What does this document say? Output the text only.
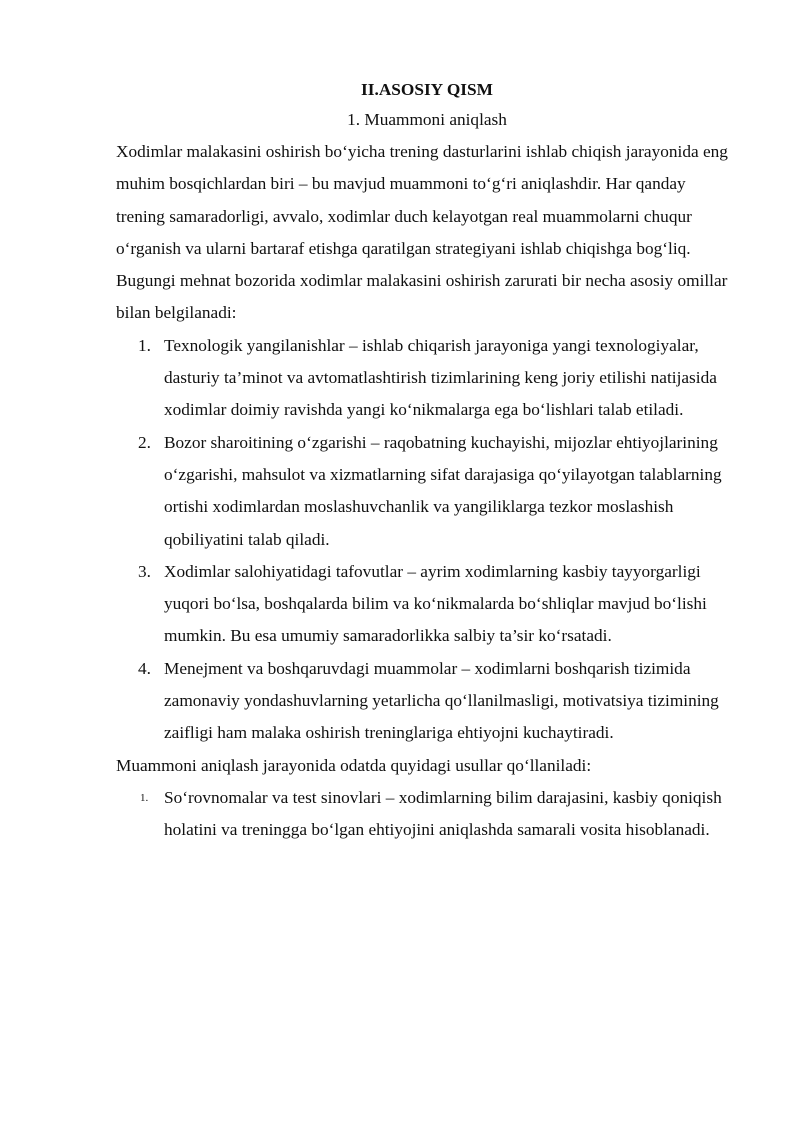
II.ASOSIY QISM

1. Muammoni aniqlash

Xodimlar malakasini oshirish bo‘yicha trening dasturlarini ishlab chiqish jarayonida eng muhim bosqichlardan biri – bu mavjud muammoni to‘g‘ri aniqlashdir. Har qanday trening samaradorligi, avvalo, xodimlar duch kelayotgan real muammolarni chuqur o‘rganish va ularni bartaraf etishga qaratilgan strategiyani ishlab chiqishga bog‘liq.

Bugungi mehnat bozorida xodimlar malakasini oshirish zarurati bir necha asosiy omillar bilan belgilanadi:

1. Texnologik yangilanishlar – ishlab chiqarish jarayoniga yangi texnologiyalar, dasturiy ta’minot va avtomatlashtirish tizimlarining keng joriy etilishi natijasida xodimlar doimiy ravishda yangi ko‘nikmalarga ega bo‘lishlari talab etiladi.
2. Bozor sharoitining o‘zgarishi – raqobatning kuchayishi, mijozlar ehtiyojlarining o‘zgarishi, mahsulot va xizmatlarning sifat darajasiga qo‘yilayotgan talablarning ortishi xodimlardan moslashuvchanlik va yangiliklarga tezkor moslashish qobiliyatini talab qiladi.
3. Xodimlar salohiyatidagi tafovutlar – ayrim xodimlarning kasbiy tayyorgarligi yuqori bo‘lsa, boshqalarda bilim va ko‘nikmalarda bo‘shliqlar mavjud bo‘lishi mumkin. Bu esa umumiy samaradorlikka salbiy ta’sir ko‘rsatadi.
4. Menejment va boshqaruvdagi muammolar – xodimlarni boshqarish tizimida zamonaviy yondashuvlarning yetarlicha qo‘llanilmasligi, motivatsiya tizimining zaifligi ham malaka oshirish treninglariga ehtiyojni kuchaytiradi.

Muammoni aniqlash jarayonida odatda quyidagi usullar qo‘llaniladi:

1. So‘rovnomalar va test sinovlari – xodimlarning bilim darajasini, kasbiy qoniqish holatini va treningga bo‘lgan ehtiyojini aniqlashda samarali vosita hisoblanadi.
